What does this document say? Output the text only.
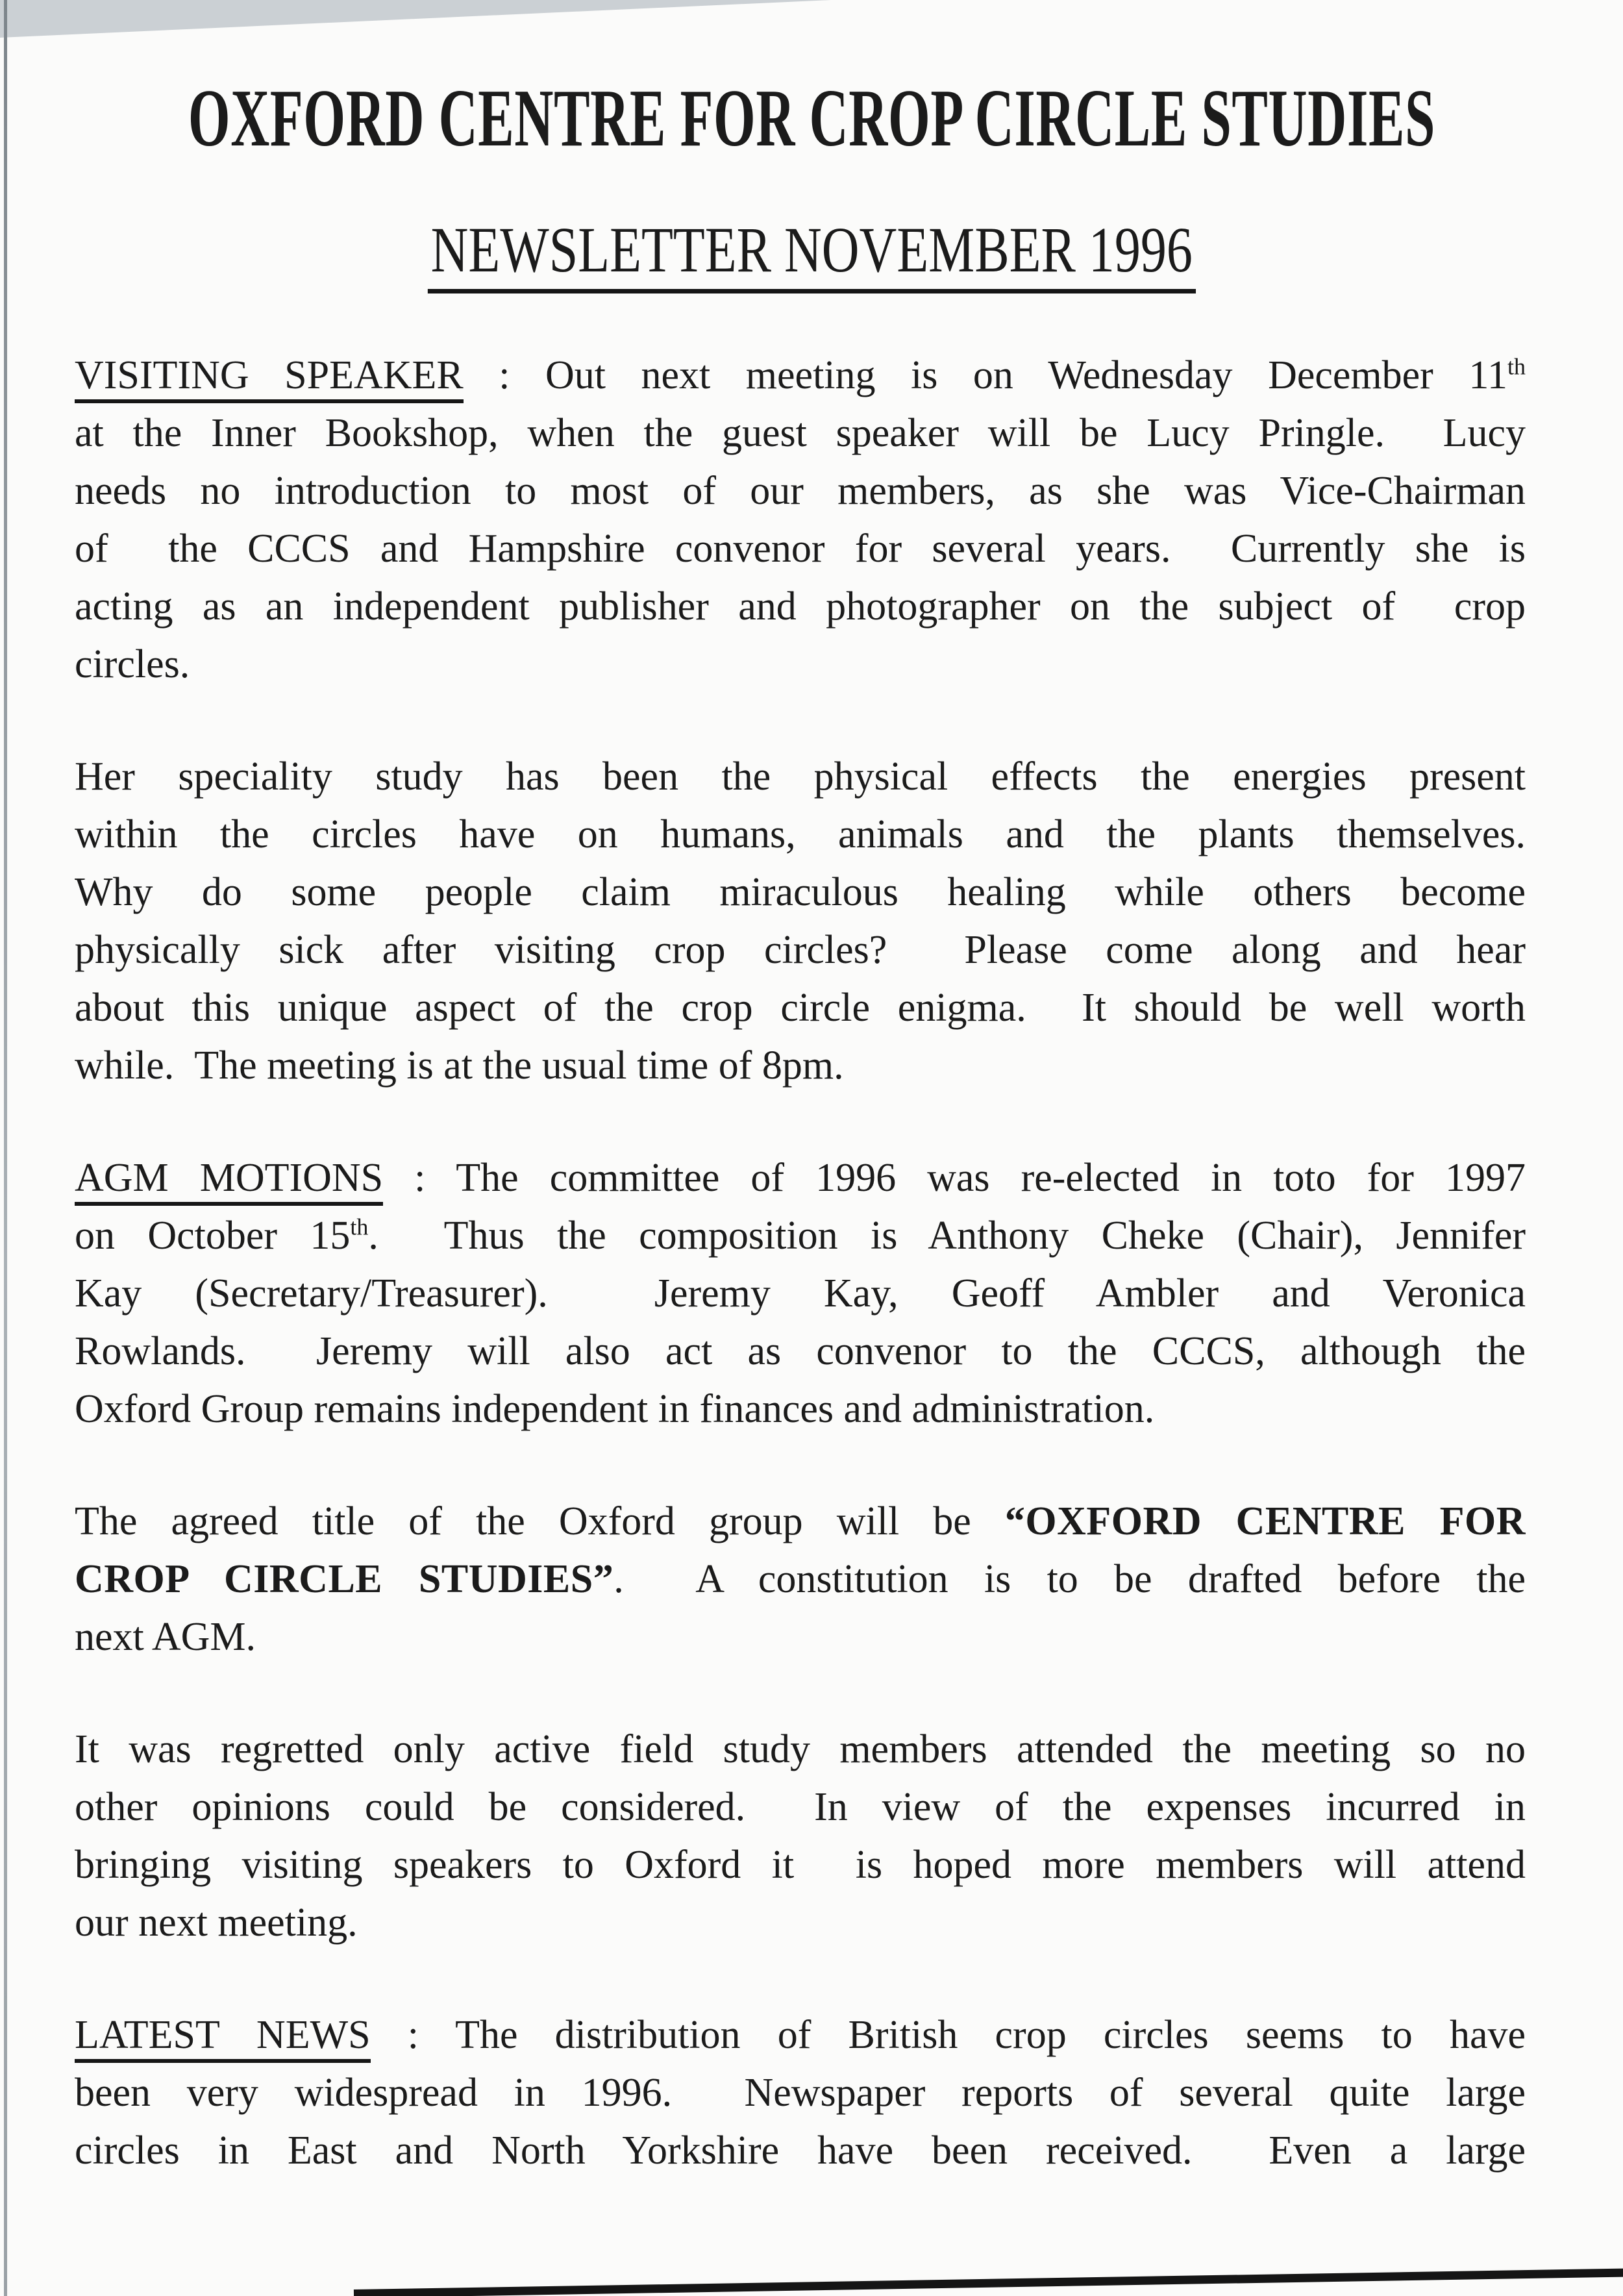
OXFORD CENTRE FOR CROP CIRCLE STUDIES
NEWSLETTER NOVEMBER 1996
VISITING SPEAKER : Out next meeting is on Wednesday December 11th
at the Inner Bookshop, when the guest speaker will be Lucy Pringle.  Lucy
needs no introduction to most of our members, as she was Vice-Chairman
of  the CCCS and Hampshire convenor for several years.  Currently she is
acting as an independent publisher and photographer on the subject of  crop
circles.
Her speciality study has been the physical effects the energies present
within the circles have on humans, animals and the plants themselves.
Why do some people claim miraculous healing while others become
physically sick after visiting crop circles?  Please come along and hear
about this unique aspect of the crop circle enigma.  It should be well worth
while.  The meeting is at the usual time of 8pm.
AGM MOTIONS : The committee of 1996 was re-elected in toto for 1997
on October 15th.  Thus the composition is Anthony Cheke (Chair), Jennifer
Kay (Secretary/Treasurer).  Jeremy Kay, Geoff Ambler and Veronica
Rowlands.  Jeremy will also act as convenor to the CCCS, although the
Oxford Group remains independent in finances and administration.
The agreed title of the Oxford group will be “OXFORD CENTRE FOR
CROP CIRCLE STUDIES”.  A constitution is to be drafted before the
next AGM.
It was regretted only active field study members attended the meeting so no
other opinions could be considered.  In view of the expenses incurred in
bringing visiting speakers to Oxford it  is hoped more members will attend
our next meeting.
LATEST NEWS : The distribution of British crop circles seems to have
been very widespread in 1996.  Newspaper reports of several quite large
circles in East and North Yorkshire have been received.  Even a large
